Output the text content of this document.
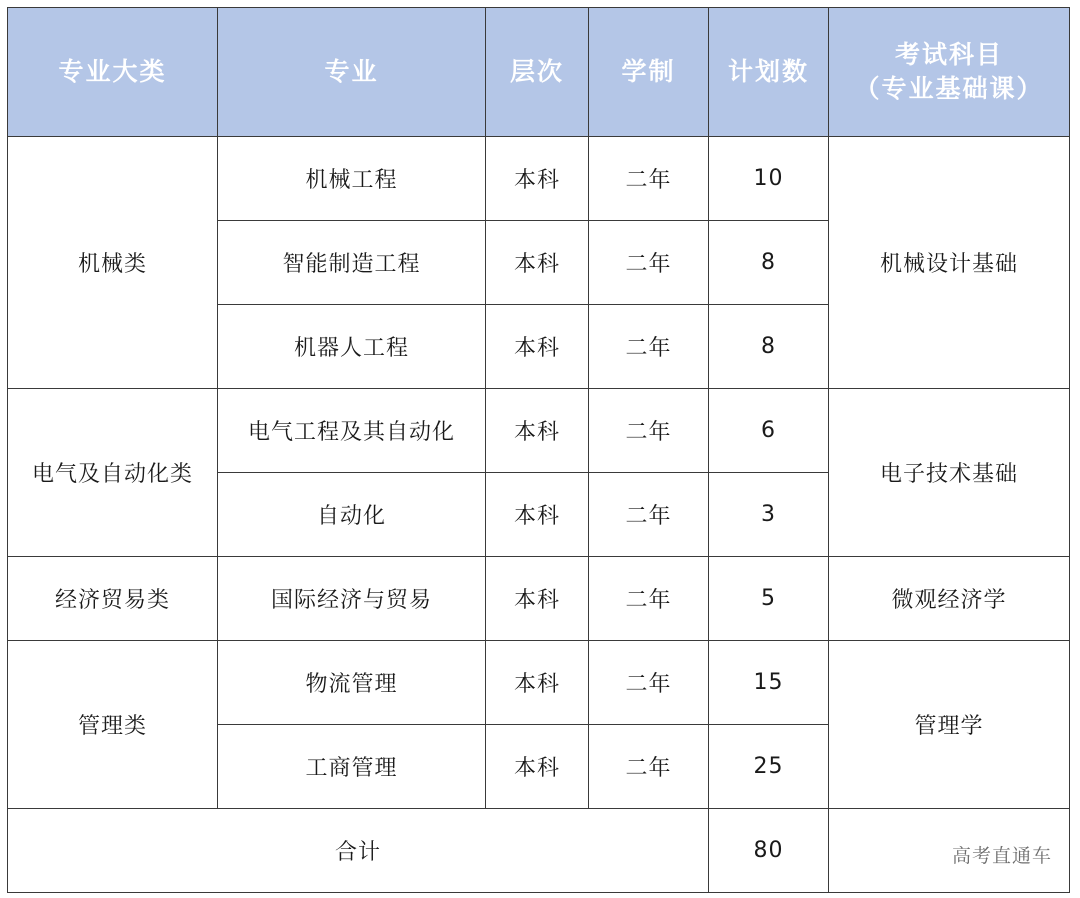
专业大类	专业	层次	学制	计划数	考试科目
（专业基础课）

机械类	机械工程	本科	二年	10	机械设计基础
	智能制造工程	本科	二年	8	
	机器人工程	本科	二年	8	
电气及自动化类	电气工程及其自动化	本科	二年	6	电子技术基础
	自动化	本科	二年	3	
经济贸易类	国际经济与贸易	本科	二年	5	微观经济学
管理类	物流管理	本科	二年	15	管理学
	工商管理	本科	二年	25	
合计				80		高考直通车
